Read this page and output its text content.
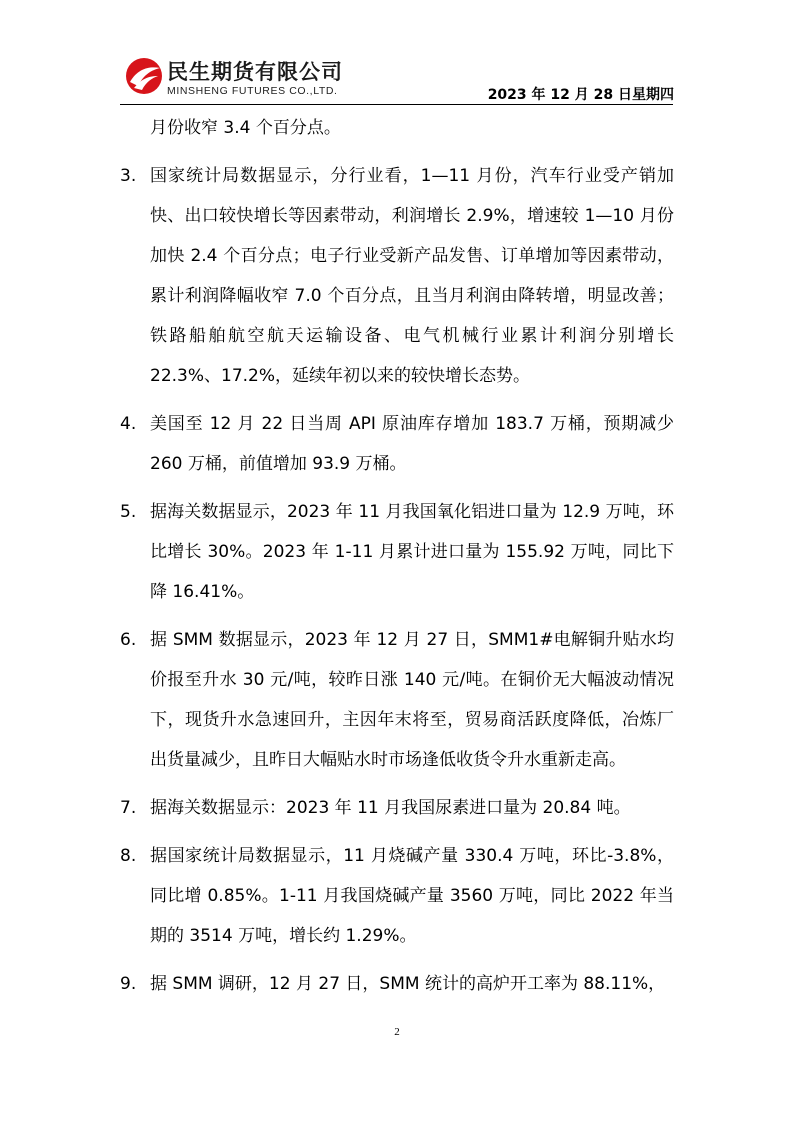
民生期货有限公司
MINSHENG FUTURES CO.,LTD.	2023 年 12 月 28 日星期四

月份收窄 3.4 个百分点。

3. 国家统计局数据显示，分行业看，1—11 月份，汽车行业受产销加快、出口较快增长等因素带动，利润增长 2.9%，增速较 1—10 月份加快 2.4 个百分点；电子行业受新产品发售、订单增加等因素带动，累计利润降幅收窄 7.0 个百分点，且当月利润由降转增，明显改善；铁路船舶航空航天运输设备、电气机械行业累计利润分别增长 22.3%、17.2%，延续年初以来的较快增长态势。
4. 美国至 12 月 22 日当周 API 原油库存增加 183.7 万桶，预期减少 260 万桶，前值增加 93.9 万桶。
5. 据海关数据显示，2023 年 11 月我国氧化铝进口量为 12.9 万吨，环比增长 30%。2023 年 1-11 月累计进口量为 155.92 万吨，同比下降 16.41%。
6. 据 SMM 数据显示，2023 年 12 月 27 日，SMM1#电解铜升贴水均价报至升水 30 元/吨，较昨日涨 140 元/吨。在铜价无大幅波动情况下，现货升水急速回升，主因年末将至，贸易商活跃度降低，冶炼厂出货量减少，且昨日大幅贴水时市场逢低收货令升水重新走高。
7. 据海关数据显示：2023 年 11 月我国尿素进口量为 20.84 吨。
8. 据国家统计局数据显示，11 月烧碱产量 330.4 万吨，环比-3.8%，同比增 0.85%。1-11 月我国烧碱产量 3560 万吨，同比 2022 年当期的 3514 万吨，增长约 1.29%。
9. 据 SMM 调研，12 月 27 日，SMM 统计的高炉开工率为 88.11%，
2
